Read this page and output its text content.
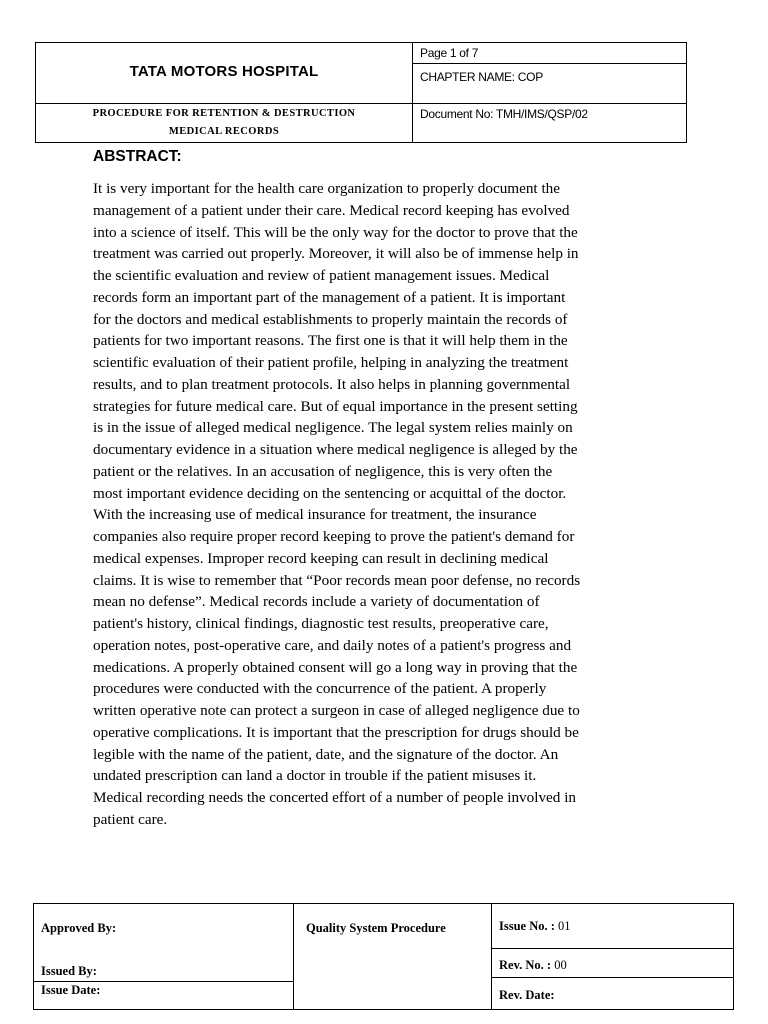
TATA MOTORS HOSPITAL
PROCEDURE FOR RETENTION & DESTRUCTION
MEDICAL RECORDS
Page 1 of 7
CHAPTER NAME: COP
Document No: TMH/IMS/QSP/02
ABSTRACT:
It is very important for the health care organization to properly document the
management of a patient under their care. Medical record keeping has evolved
into a science of itself. This will be the only way for the doctor to prove that the
treatment was carried out properly. Moreover, it will also be of immense help in
the scientific evaluation and review of patient management issues. Medical
records form an important part of the management of a patient. It is important
for the doctors and medical establishments to properly maintain the records of
patients for two important reasons. The first one is that it will help them in the
scientific evaluation of their patient profile, helping in analyzing the treatment
results, and to plan treatment protocols. It also helps in planning governmental
strategies for future medical care. But of equal importance in the present setting
is in the issue of alleged medical negligence. The legal system relies mainly on
documentary evidence in a situation where medical negligence is alleged by the
patient or the relatives. In an accusation of negligence, this is very often the
most important evidence deciding on the sentencing or acquittal of the doctor.
With the increasing use of medical insurance for treatment, the insurance
companies also require proper record keeping to prove the patient's demand for
medical expenses. Improper record keeping can result in declining medical
claims. It is wise to remember that “Poor records mean poor defense, no records
mean no defense”. Medical records include a variety of documentation of
patient's history, clinical findings, diagnostic test results, preoperative care,
operation notes, post-operative care, and daily notes of a patient's progress and
medications. A properly obtained consent will go a long way in proving that the
procedures were conducted with the concurrence of the patient. A properly
written operative note can protect a surgeon in case of alleged negligence due to
operative complications. It is important that the prescription for drugs should be
legible with the name of the patient, date, and the signature of the doctor. An
undated prescription can land a doctor in trouble if the patient misuses it.
Medical recording needs the concerted effort of a number of people involved in
patient care.
Approved By:
Issued By:
Issue Date:
Quality System Procedure	Issue No. : 01
Rev. No. : 00
Rev. Date:
